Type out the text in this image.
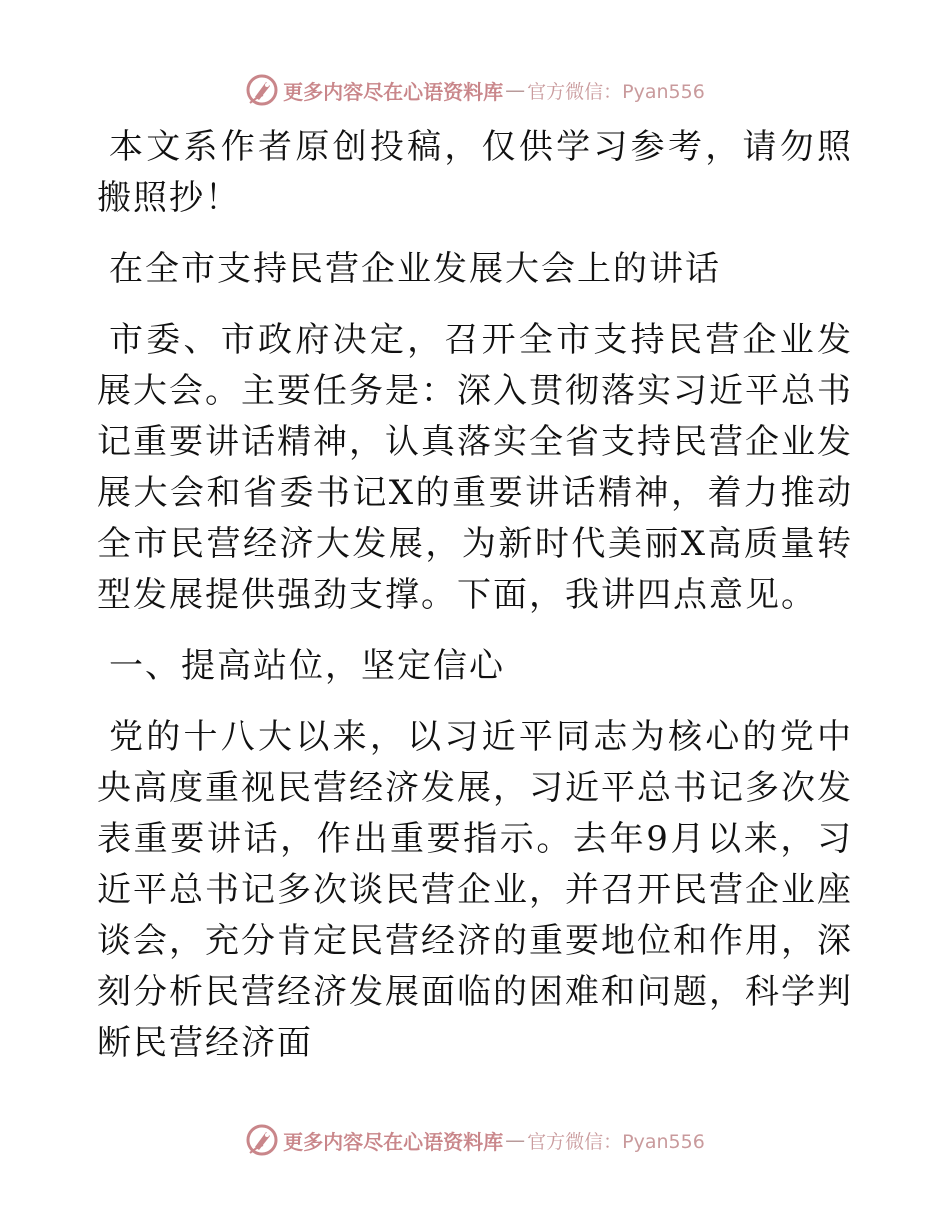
更多内容尽在心语资料库 — 官方微信：Pyan556

本文系作者原创投稿，仅供学习参考，请勿照搬照抄！

在全市支持民营企业发展大会上的讲话

市委、市政府决定，召开全市支持民营企业发展大会。主要任务是：深入贯彻落实习近平总书记重要讲话精神，认真落实全省支持民营企业发展大会和省委书记X的重要讲话精神，着力推动全市民营经济大发展，为新时代美丽X高质量转型发展提供强劲支撑。下面，我讲四点意见。

一、提高站位，坚定信心

党的十八大以来，以习近平同志为核心的党中央高度重视民营经济发展，习近平总书记多次发表重要讲话，作出重要指示。去年9月以来，习近平总书记多次谈民营企业，并召开民营企业座谈会，充分肯定民营经济的重要地位和作用，深刻分析民营经济发展面临的困难和问题，科学判断民营经济面

更多内容尽在心语资料库 — 官方微信：Pyan556
